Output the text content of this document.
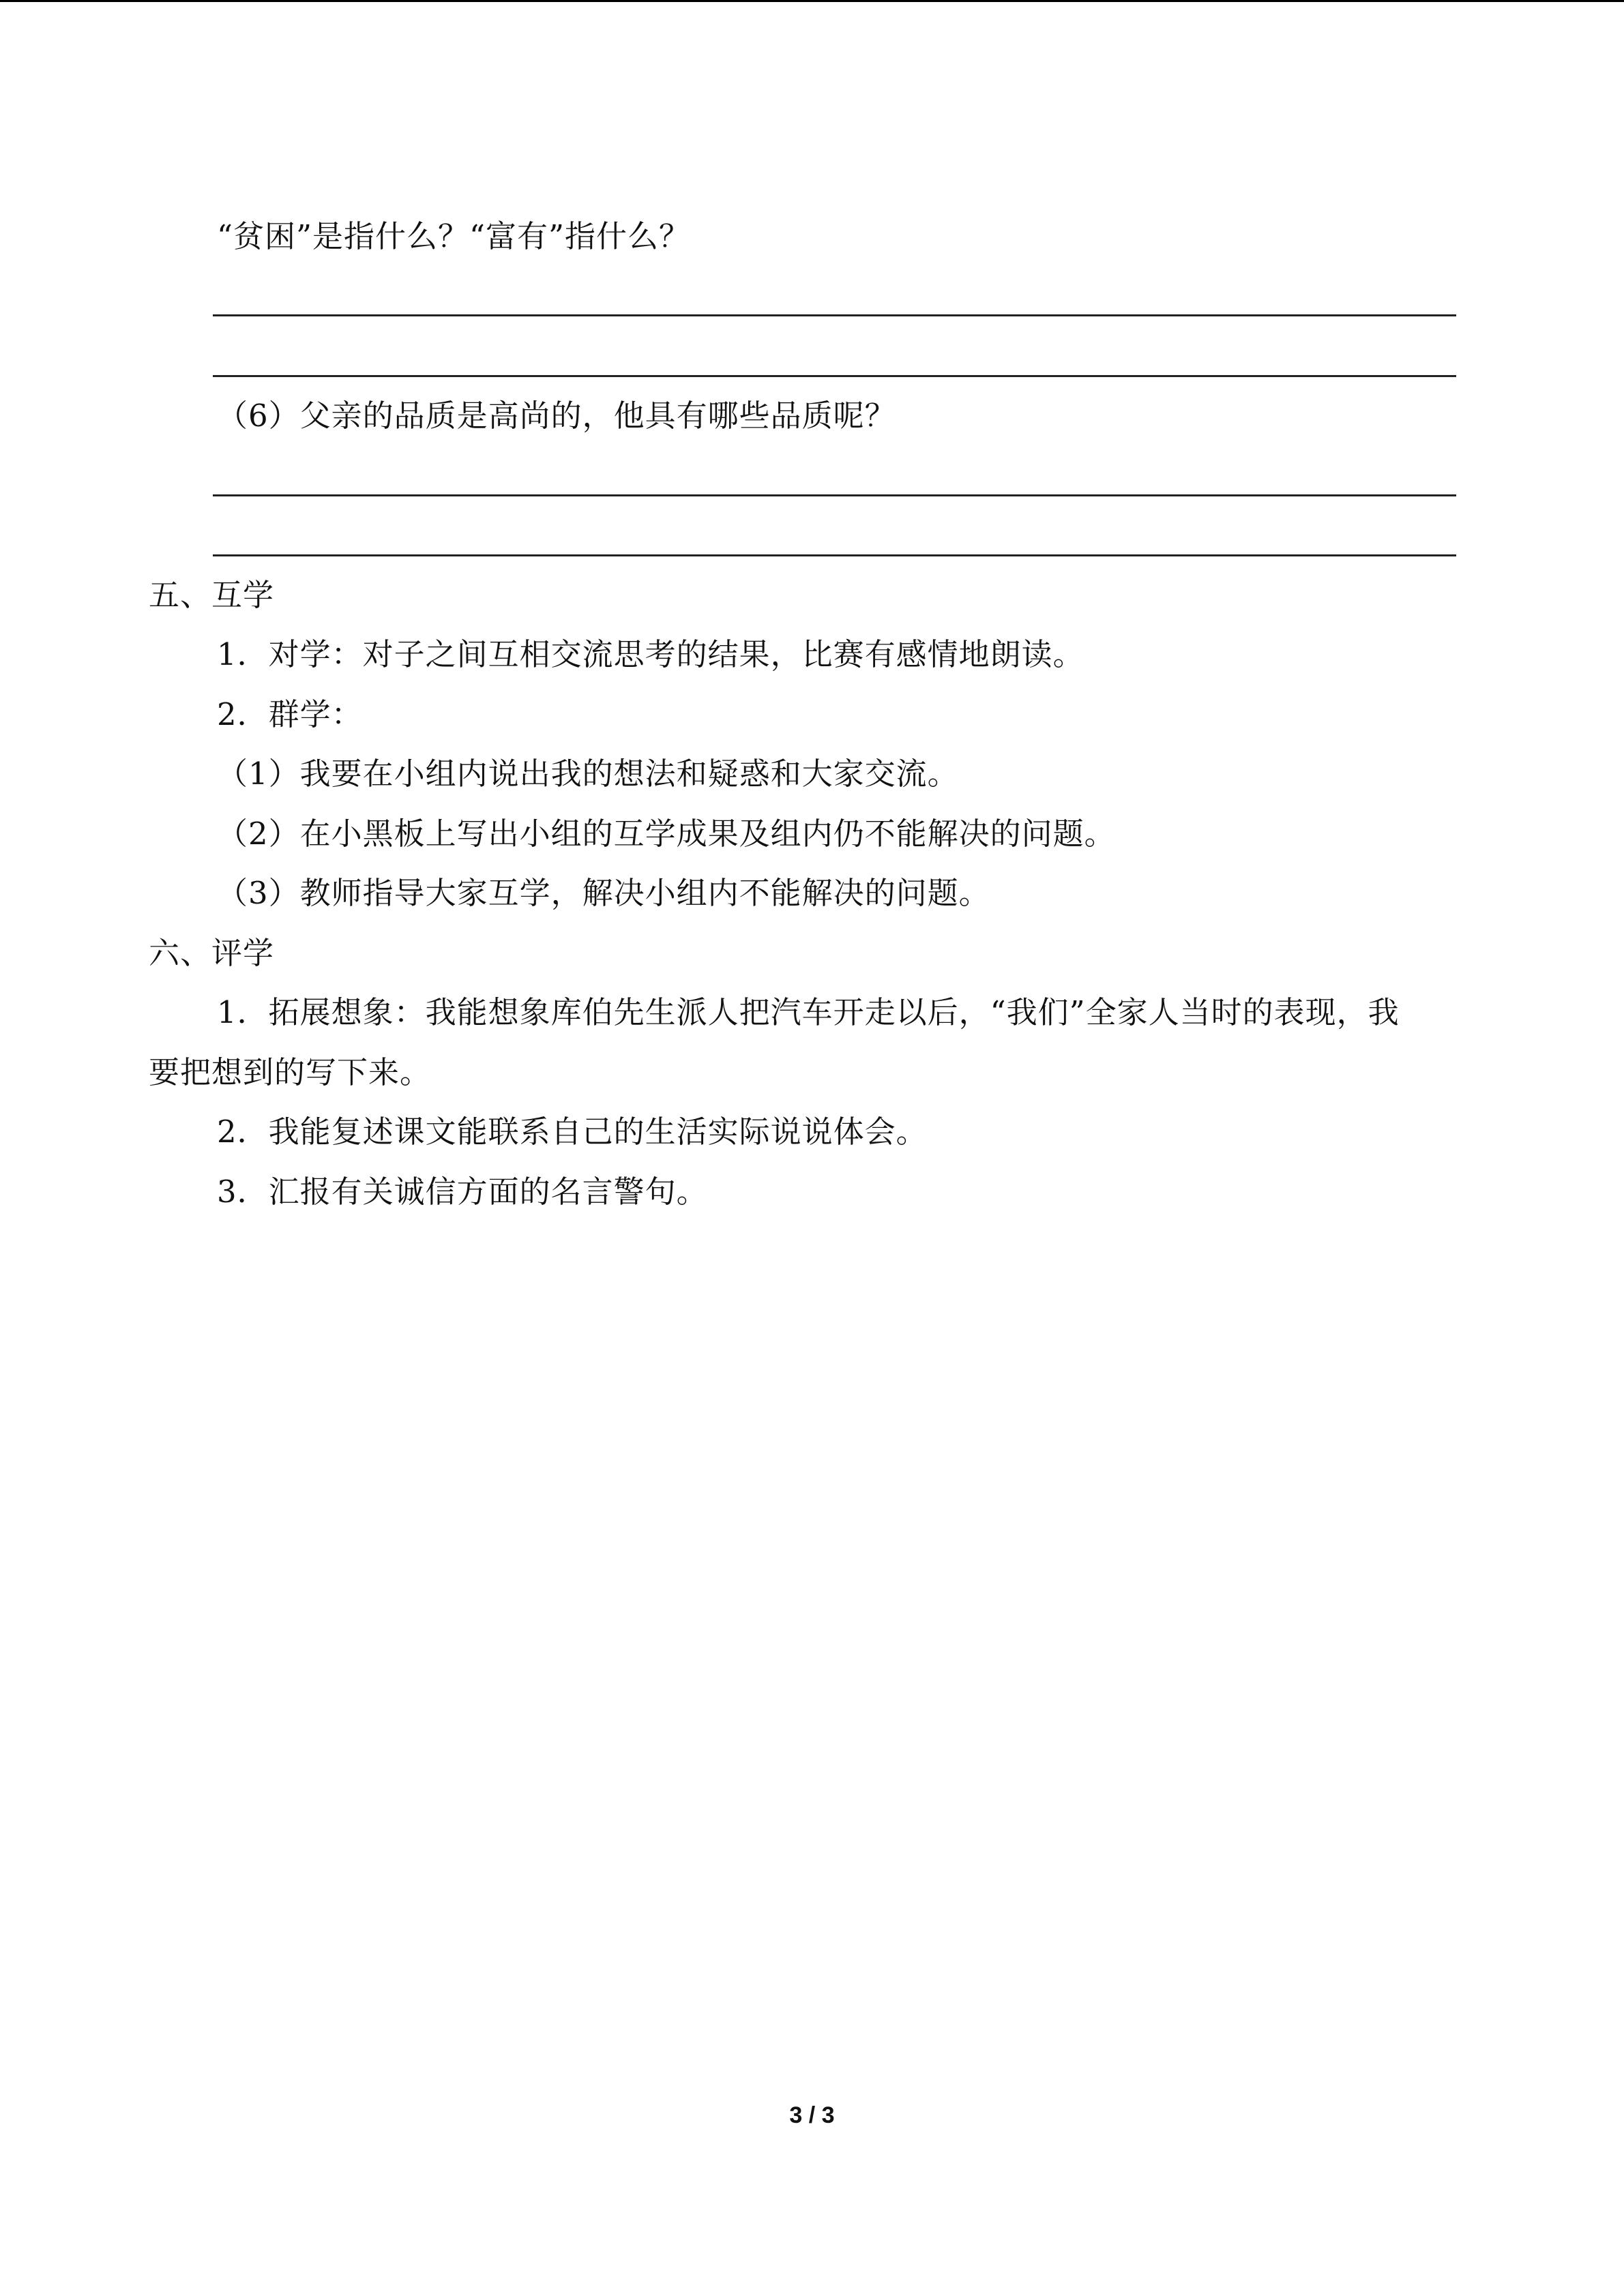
“贫困”是指什么？“富有”指什么？
（6）父亲的品质是高尚的，他具有哪些品质呢？
五、互学
1．对学：对子之间互相交流思考的结果，比赛有感情地朗读。
2．群学：
（1）我要在小组内说出我的想法和疑惑和大家交流。
（2）在小黑板上写出小组的互学成果及组内仍不能解决的问题。
（3）教师指导大家互学，解决小组内不能解决的问题。
六、评学
1．拓展想象：我能想象库伯先生派人把汽车开走以后，“我们”全家人当时的表现，我
要把想到的写下来。
2．我能复述课文能联系自己的生活实际说说体会。
3．汇报有关诚信方面的名言警句。
3 / 3
